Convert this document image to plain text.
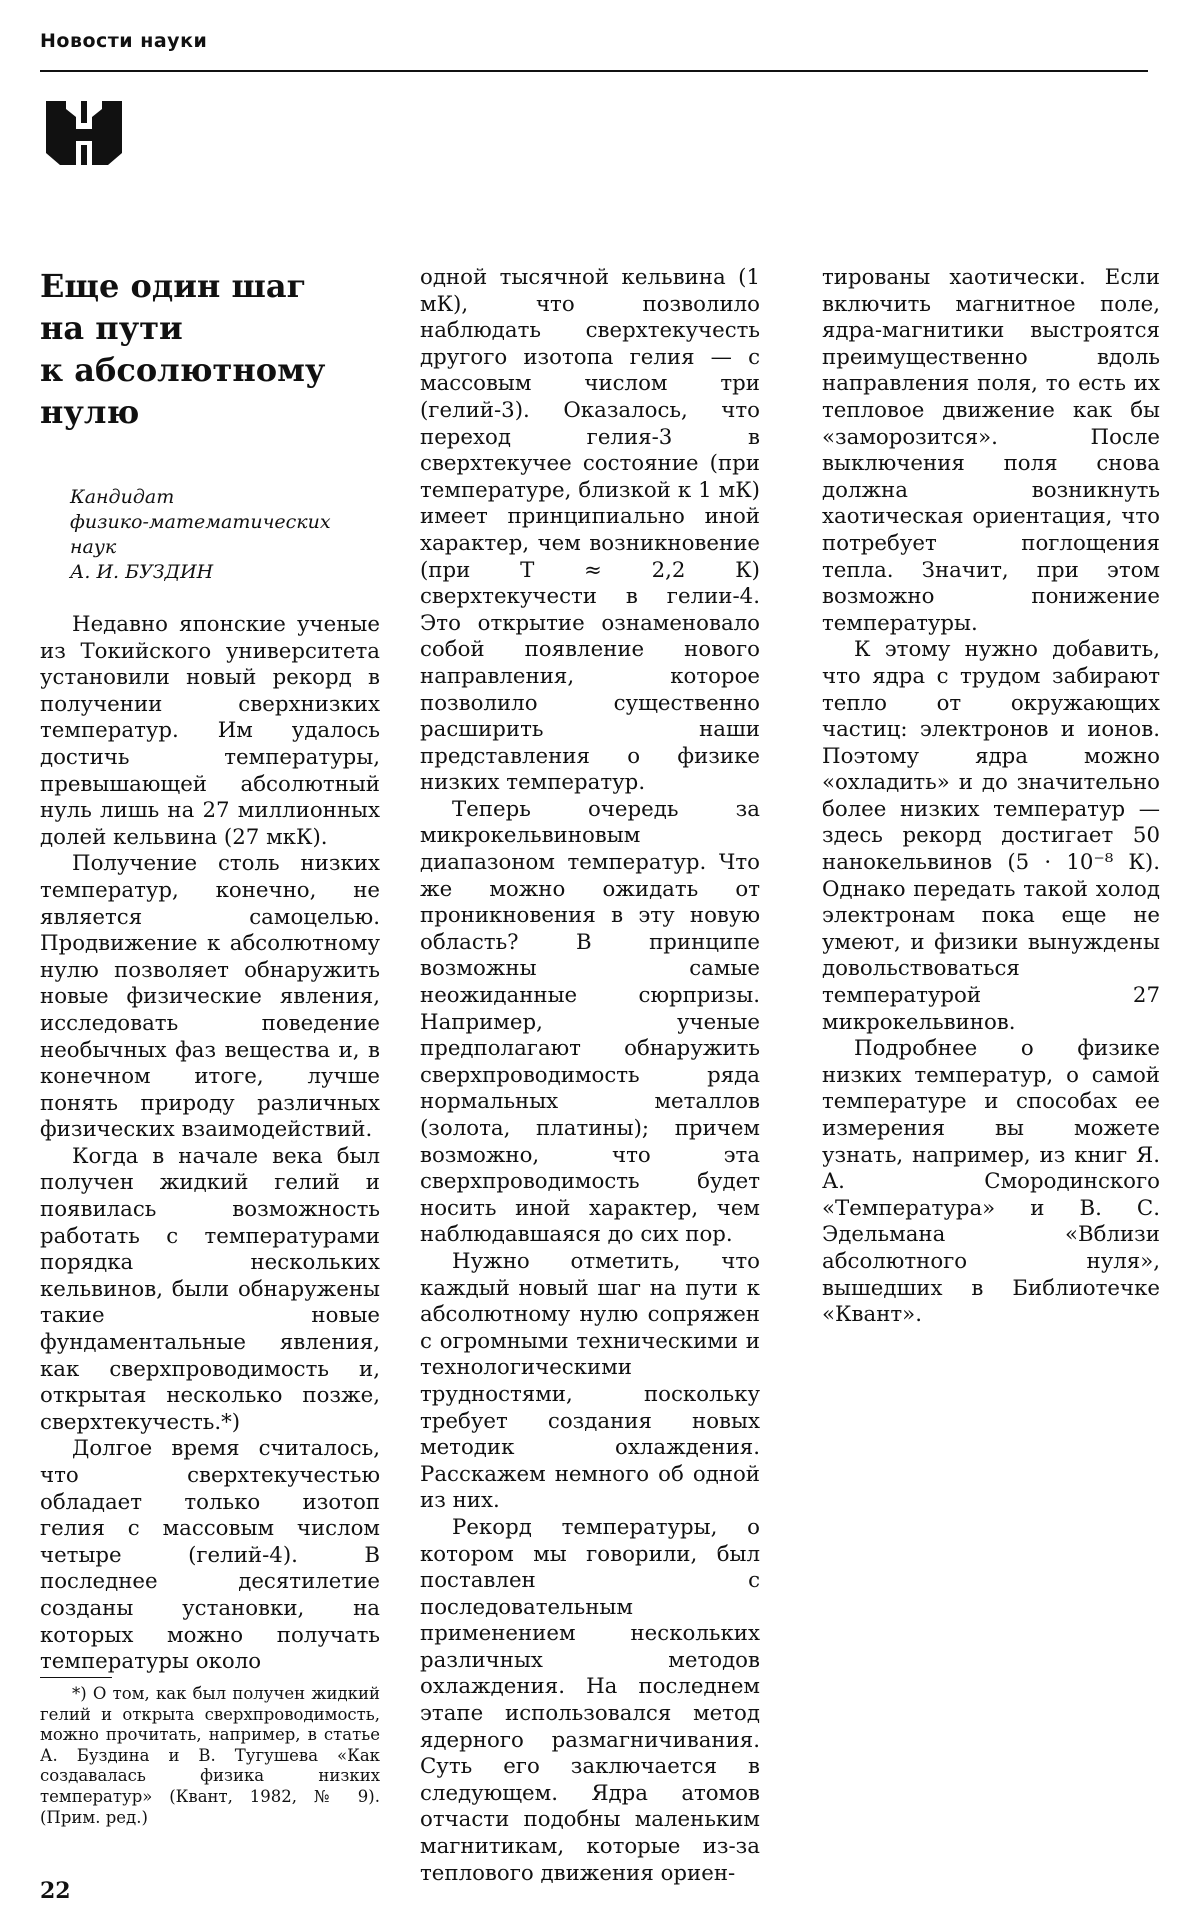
Новости науки
Еще один шаг
на пути
к абсолютному
нулю
Кандидат
физико-математических
наук
А. И. БУЗДИН

Недавно японские ученые из Токийского университета установили новый рекорд в получении сверхнизких температур. Им удалось достичь температуры, превышающей абсолютный нуль лишь на 27 миллионных долей кельвина (27 мкК).

Получение столь низких температур, конечно, не является самоцелью. Продвижение к абсолютному нулю позволяет обнаружить новые физические явления, исследовать поведение необычных фаз вещества и, в конечном итоге, лучше понять природу различных физических взаимодействий.

Когда в начале века был получен жидкий гелий и появилась возможность работать с температурами порядка нескольких кельвинов, были обнаружены такие новые фундаментальные явления, как сверхпроводимость и, открытая несколько позже, сверхтекучесть.*)

Долгое время считалось, что сверхтекучестью обладает только изотоп гелия с массовым числом четыре (гелий-4). В последнее десятилетие созданы установки, на которых можно получать температуры около

одной тысячной кельвина (1 мК), что позволило наблюдать сверхтекучесть другого изотопа гелия — с массовым числом три (гелий-3). Оказалось, что переход гелия-3 в сверхтекучее состояние (при температуре, близкой к 1 мК) имеет принципиально иной характер, чем возникновение (при T ≈ 2,2 К) сверхтекучести в гелии-4. Это открытие ознаменовало собой появление нового направления, которое позволило существенно расширить наши представления о физике низких температур.

Теперь очередь за микрокельвиновым диапазоном температур. Что же можно ожидать от проникновения в эту новую область? В принципе возможны самые неожиданные сюрпризы. Например, ученые предполагают обнаружить сверхпроводимость ряда нормальных металлов (золота, платины); причем возможно, что эта сверхпроводимость будет носить иной характер, чем наблюдавшаяся до сих пор.

Нужно отметить, что каждый новый шаг на пути к абсолютному нулю сопряжен с огромными техническими и технологическими трудностями, поскольку требует создания новых методик охлаждения. Расскажем немного об одной из них.

Рекорд температуры, о котором мы говорили, был поставлен с последовательным применением нескольких различных методов охлаждения. На последнем этапе использовался метод ядерного размагничивания. Суть его заключается в следующем. Ядра атомов отчасти подобны маленьким магнитикам, которые из-за теплового движения ориен-

тированы хаотически. Если включить магнитное поле, ядра-магнитики выстроятся преимущественно вдоль направления поля, то есть их тепловое движение как бы «заморозится». После выключения поля снова должна возникнуть хаотическая ориентация, что потребует поглощения тепла. Значит, при этом возможно понижение температуры.

К этому нужно добавить, что ядра с трудом забирают тепло от окружающих частиц: электронов и ионов. Поэтому ядра можно «охладить» и до значительно более низких температур — здесь рекорд достигает 50 нанокельвинов (5 · 10⁻⁸ К). Однако передать такой холод электронам пока еще не умеют, и физики вынуждены довольствоваться температурой 27 микрокельвинов.

Подробнее о физике низких температур, о самой температуре и способах ее измерения вы можете узнать, например, из книг Я. А. Смородинского «Температура» и В. С. Эдельмана «Вблизи абсолютного нуля», вышедших в Библиотечке «Квант».

*) О том, как был получен жидкий гелий и открыта сверхпроводимость, можно прочитать, например, в статье А. Буздина и В. Тугушева «Как создавалась физика низких температур» (Квант, 1982, № 9). (Прим. ред.)

22
